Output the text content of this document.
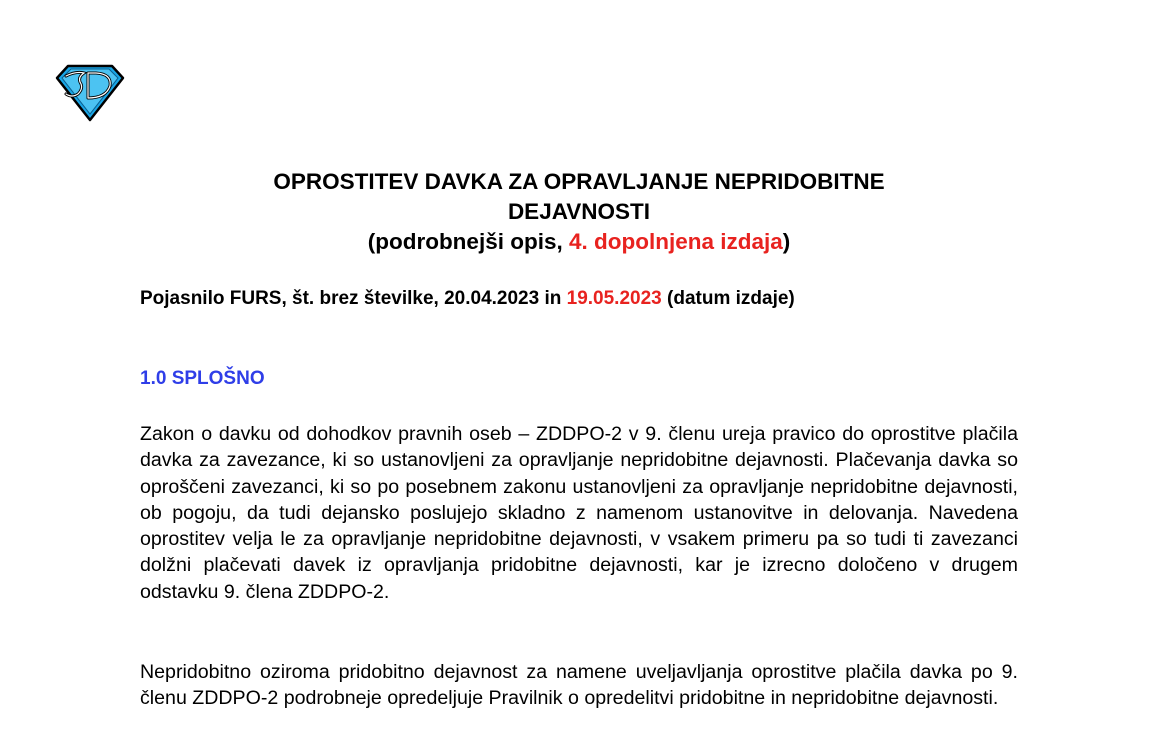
OPROSTITEV DAVKA ZA OPRAVLJANJE NEPRIDOBITNE
DEJAVNOSTI
(podrobnejši opis, 4. dopolnjena izdaja)
Pojasnilo FURS, št. brez številke, 20.04.2023 in 19.05.2023 (datum izdaje)
1.0 SPLOŠNO

Zakon o davku od dohodkov pravnih oseb – ZDDPO-2 v 9. členu ureja pravico do oprostitve plačila davka za zavezance, ki so ustanovljeni za opravljanje nepridobitne dejavnosti. Plačevanja davka so oproščeni zavezanci, ki so po posebnem zakonu ustanovljeni za opravljanje nepridobitne dejavnosti, ob pogoju, da tudi dejansko poslujejo skladno z namenom ustanovitve in delovanja. Navedena oprostitev velja le za opravljanje nepridobitne dejavnosti, v vsakem primeru pa so tudi ti zavezanci dolžni plačevati davek iz opravljanja pridobitne dejavnosti, kar je izrecno določeno v drugem odstavku 9. člena ZDDPO-2.

Nepridobitno oziroma pridobitno dejavnost za namene uveljavljanja oprostitve plačila davka po 9. členu ZDDPO-2 podrobneje opredeljuje Pravilnik o opredelitvi pridobitne in nepridobitne dejavnosti.
